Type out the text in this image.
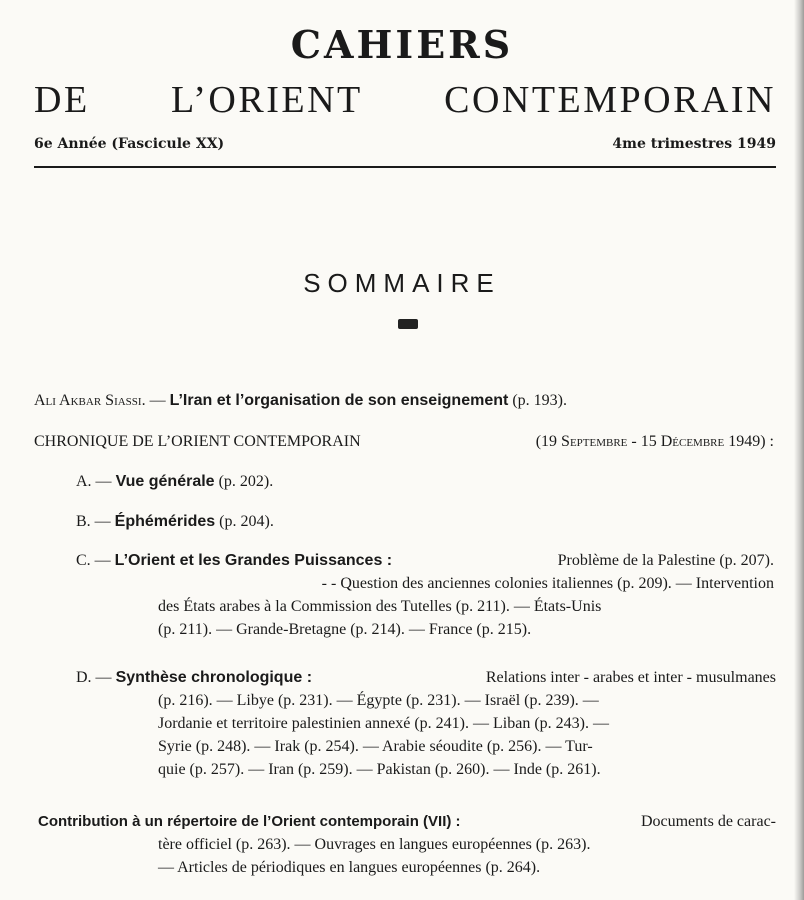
CAHIERS
DE L’ORIENT CONTEMPORAIN
6e Année (Fascicule XX)	4me trimestres 1949
SOMMAIRE
Ali Akbar Siassi. — L’Iran et l’organisation de son enseignement (p. 193).
CHRONIQUE DE L’ORIENT CONTEMPORAIN	(19 Septembre - 15 Décembre 1949) :
A. — Vue générale (p. 202).
B. — Éphémérides (p. 204).
C. — L’Orient et les Grandes Puissances :	Problème de la Palestine (p. 207).
- - Question des anciennes colonies italiennes (p. 209). — Intervention
des États arabes à la Commission des Tutelles (p. 211). — États-Unis
(p. 211). — Grande-Bretagne (p. 214). — France (p. 215).
D. — Synthèse chronologique :	Relations inter - arabes et inter - musulmanes
(p. 216). — Libye (p. 231). — Égypte (p. 231). — Israël (p. 239). —
Jordanie et territoire palestinien annexé (p. 241). — Liban (p. 243). —
Syrie (p. 248). — Irak (p. 254). — Arabie séoudite (p. 256). — Tur-
quie (p. 257). — Iran (p. 259). — Pakistan (p. 260). — Inde (p. 261).
Contribution à un répertoire de l’Orient contemporain (VII) :	Documents de carac-
tère officiel (p. 263). — Ouvrages en langues européennes (p. 263).
— Articles de périodiques en langues européennes (p. 264).
